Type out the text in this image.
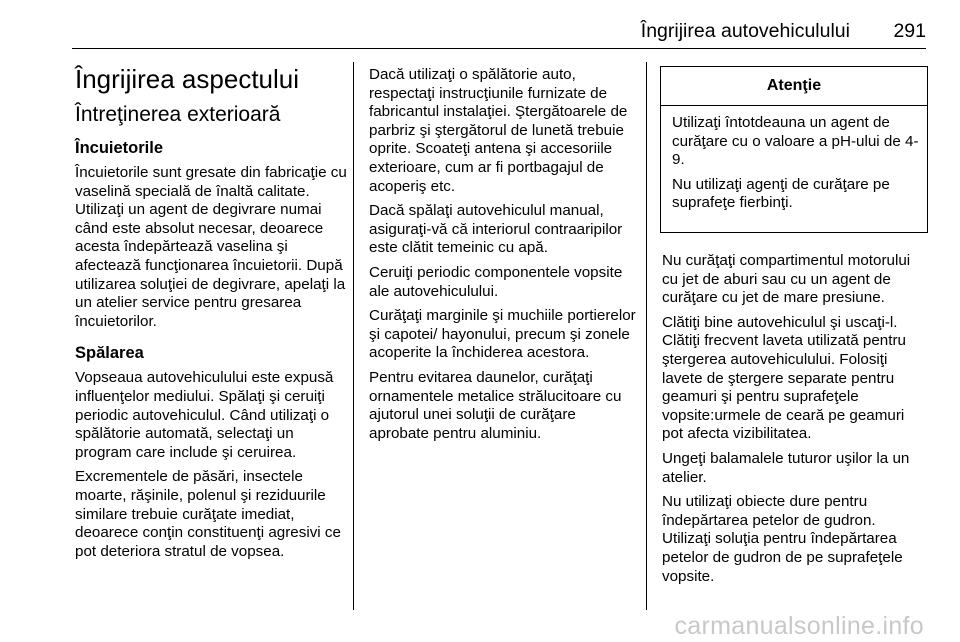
Îngrijirea autovehiculului	291
Îngrijirea aspectului
Întreţinerea exterioară
Încuietorile

Încuietorile sunt gresate din fabricaţie cu vaselină specială de înaltă calitate. Utilizaţi un agent de degivrare numai când este absolut necesar, deoarece acesta îndepărtează vaselina şi afectează funcţionarea încuietorii. După utilizarea soluţiei de degivrare, apelaţi la un atelier service pentru gresarea încuietorilor.

Spălarea

Vopseaua autovehiculului este expusă influenţelor mediului. Spălaţi şi ceruiţi periodic autovehiculul. Când utilizaţi o spălătorie automată, selectaţi un program care include şi ceruirea.

Excrementele de păsări, insectele moarte, răşinile, polenul şi reziduurile similare trebuie curăţate imediat, deoarece conţin constituenţi agresivi ce pot deteriora stratul de vopsea.

Dacă utilizaţi o spălătorie auto, respectaţi instrucţiunile furnizate de fabricantul instalaţiei. Ştergătoarele de parbriz şi ştergătorul de lunetă trebuie oprite. Scoateţi antena şi accesoriile exterioare, cum ar fi portbagajul de acoperiş etc.

Dacă spălaţi autovehiculul manual, asiguraţi-vă că interiorul contraaripilor este clătit temeinic cu apă.

Ceruiţi periodic componentele vopsite ale autovehiculului.

Curăţaţi marginile şi muchiile portierelor şi capotei/ hayonului, precum şi zonele acoperite la închiderea acestora.

Pentru evitarea daunelor, curăţaţi ornamentele metalice strălucitoare cu ajutorul unei soluţii de curăţare aprobate pentru aluminiu.

Atenţie

Utilizaţi întotdeauna un agent de curăţare cu o valoare a pH-ului de 4-9.

Nu utilizaţi agenţi de curăţare pe suprafeţe fierbinţi.

Nu curăţaţi compartimentul motorului cu jet de aburi sau cu un agent de curăţare cu jet de mare presiune.

Clătiţi bine autovehiculul şi uscaţi-l. Clătiţi frecvent laveta utilizată pentru ştergerea autovehiculului. Folosiţi lavete de ştergere separate pentru geamuri şi pentru suprafeţele vopsite:urmele de ceară pe geamuri pot afecta vizibilitatea.

Ungeţi balamalele tuturor uşilor la un atelier.

Nu utilizaţi obiecte dure pentru îndepărtarea petelor de gudron. Utilizaţi soluţia pentru îndepărtarea petelor de gudron de pe suprafeţele vopsite.

carmanualsonline.info
